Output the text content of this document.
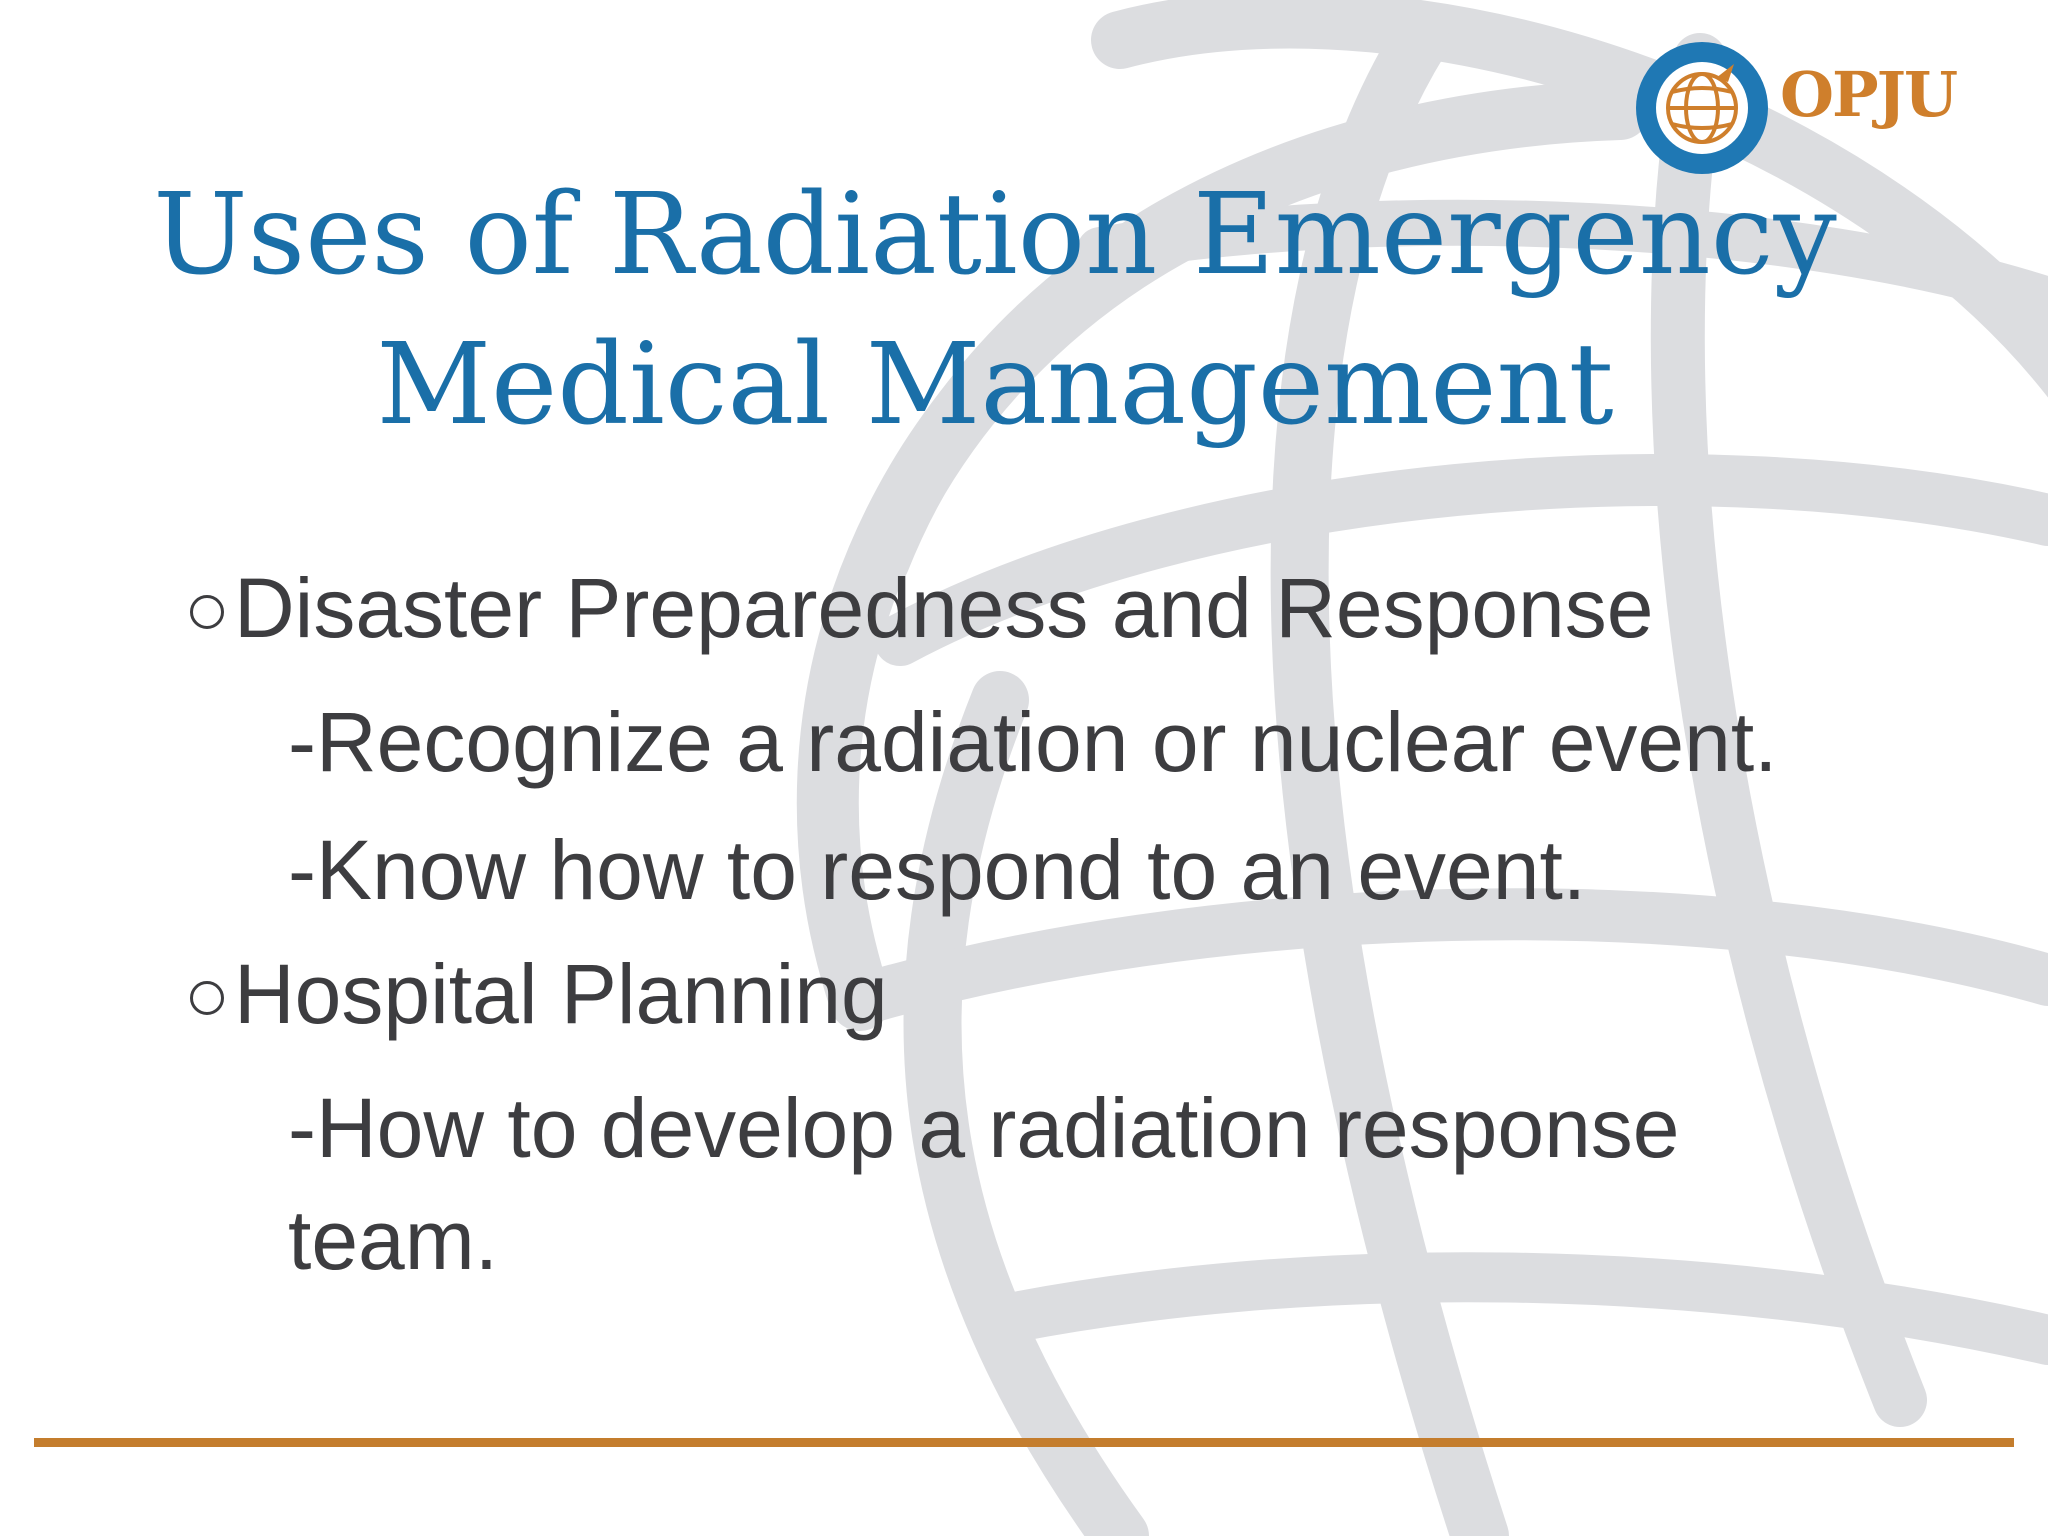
OPJU
Uses of Radiation Emergency
Medical Management
Disaster Preparedness and Response
-Recognize a radiation or nuclear event.
-Know how to respond to an event.
Hospital Planning
-How to develop a radiation response team.
